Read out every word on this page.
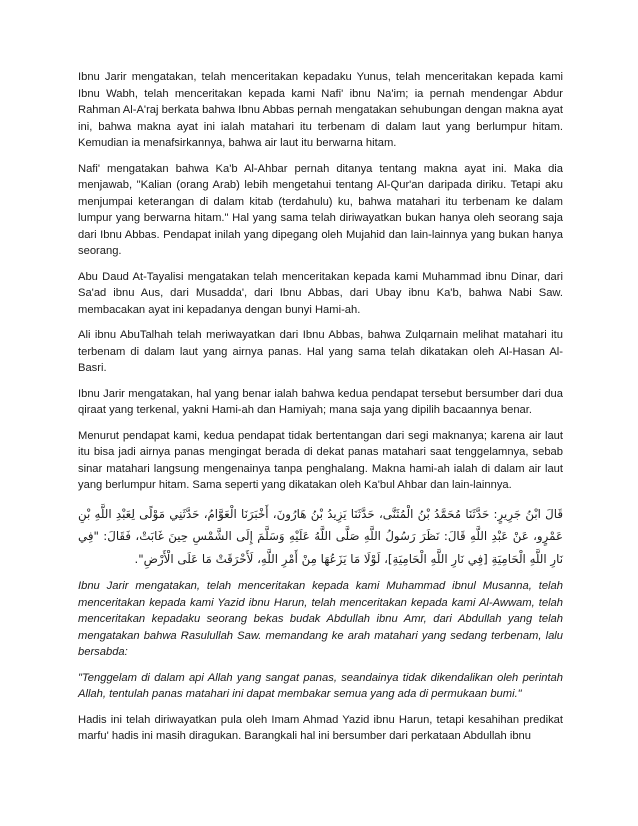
Ibnu Jarir mengatakan, telah menceritakan kepadaku Yunus, telah menceritakan kepada kami Ibnu Wabh, telah menceritakan kepada kami Nafi' ibnu Na'im; ia pernah mendengar Abdur Rahman Al-A'raj berkata bahwa Ibnu Abbas pernah mengatakan sehubungan dengan makna ayat ini, bahwa makna ayat ini ialah matahari itu terbenam di dalam laut yang berlumpur hitam. Kemudian ia menafsirkannya, bahwa air laut itu berwarna hitam.

Nafi' mengatakan bahwa Ka'b Al-Ahbar pernah ditanya tentang makna ayat ini. Maka dia menjawab, "Kalian (orang Arab) lebih mengetahui tentang Al-Qur'an daripada diriku. Tetapi aku menjumpai keterangan di dalam kitab (terdahulu) ku, bahwa matahari itu terbenam ke dalam lumpur yang berwarna hitam." Hal yang sama telah diriwayatkan bukan hanya oleh seorang saja dari Ibnu Abbas. Pendapat inilah yang dipegang oleh Mujahid dan lain-lainnya yang bukan hanya seorang.

Abu Daud At-Tayalisi mengatakan telah menceritakan kepada kami Muhammad ibnu Dinar, dari Sa'ad ibnu Aus, dari Musadda', dari Ibnu Abbas, dari Ubay ibnu Ka'b, bahwa Nabi Saw. membacakan ayat ini kepadanya dengan bunyi Hami-ah.

Ali ibnu AbuTalhah telah meriwayatkan dari Ibnu Abbas, bahwa Zulqarnain melihat matahari itu terbenam di dalam laut yang airnya panas. Hal yang sama telah dikatakan oleh Al-Hasan Al-Basri.

Ibnu Jarir mengatakan, hal yang benar ialah bahwa kedua pendapat tersebut bersumber dari dua qiraat yang terkenal, yakni Hami-ah dan Hamiyah; mana saja yang dipilih bacaannya benar.

Menurut pendapat kami, kedua pendapat tidak bertentangan dari segi maknanya; karena air laut itu bisa jadi airnya panas mengingat berada di dekat panas matahari saat tenggelamnya, sebab sinar matahari langsung mengenainya tanpa penghalang. Makna hami-ah ialah di dalam air laut yang berlumpur hitam. Sama seperti yang dikatakan oleh Ka'bul Ahbar dan lain-lainnya.

قَالَ ابْنُ جَرِيرٍ: حَدَّثَنَا مُحَمَّدُ بْنُ الْمُثَنَّى، حَدَّثَنَا يَزِيدُ بْنُ هَارُونَ، أَخْبَرَنَا الْعَوَّامُ، حَدَّثَنِي مَوْلًى لِعَبْدِ اللَّهِ بْنِ عَمْرٍو، عَنْ عَبْدِ اللَّهِ قَالَ: نَظَرَ رَسُولُ اللَّهِ صَلَّى اللَّهُ عَلَيْهِ وَسَلَّمَ إِلَى الشَّمْسِ حِينَ غَابَتْ، فَقَالَ: "فِي نَارِ اللَّهِ الْحَامِيَةِ [فِي نَارِ اللَّهِ الْحَامِيَةِ]، لَوْلَا مَا يَزَعُهَا مِنْ أَمْرِ اللَّهِ، لَأَحْرَقَتْ مَا عَلَى الْأَرْضِ".

Ibnu Jarir mengatakan, telah menceritakan kepada kami Muhammad ibnul Musanna, telah menceritakan kepada kami Yazid ibnu Harun, telah menceritakan kepada kami Al-Awwam, telah menceritakan kepadaku seorang bekas budak Abdullah ibnu Amr, dari Abdullah yang telah mengatakan bahwa Rasulullah Saw. memandang ke arah matahari yang sedang terbenam, lalu bersabda:

"Tenggelam di dalam api Allah yang sangat panas, seandainya tidak dikendalikan oleh perintah Allah, tentulah panas matahari ini dapat membakar semua yang ada di permukaan bumi."

Hadis ini telah diriwayatkan pula oleh Imam Ahmad Yazid ibnu Harun, tetapi kesahihan predikat marfu' hadis ini masih diragukan. Barangkali hal ini bersumber dari perkataan Abdullah ibnu
